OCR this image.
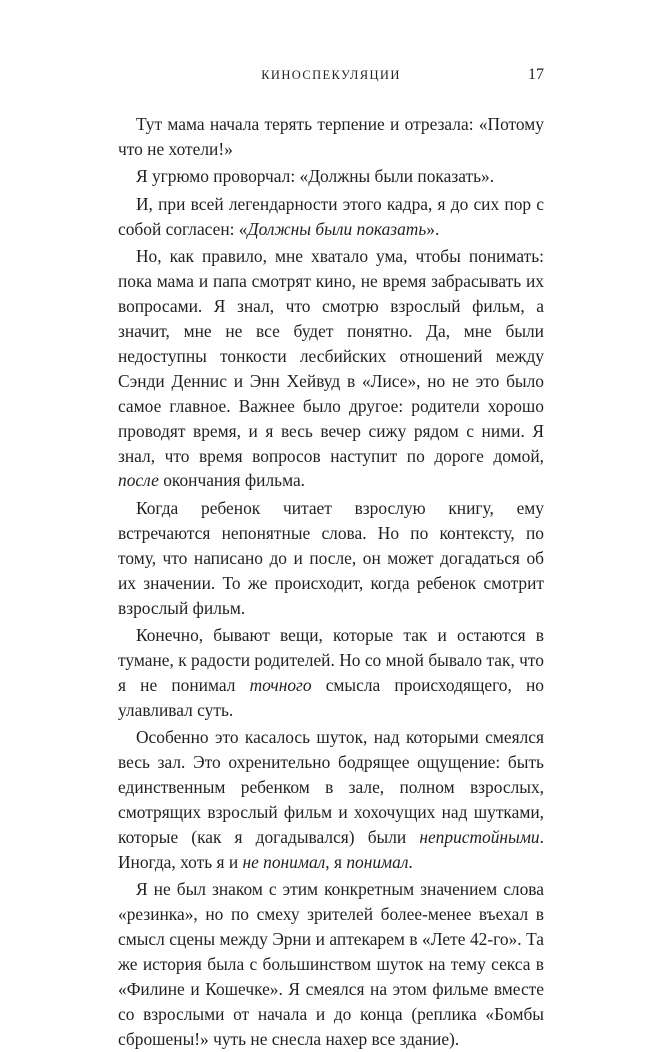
КИНОСПЕКУЛЯЦИИ	17

Тут мама начала терять терпение и отрезала: «Потому что не хотели!»

Я угрюмо проворчал: «Должны были показать».

И, при всей легендарности этого кадра, я до сих пор с собой согласен: «Должны были показать».

Но, как правило, мне хватало ума, чтобы понимать: пока мама и папа смотрят кино, не время забрасывать их вопросами. Я знал, что смотрю взрослый фильм, а значит, мне не все будет понятно. Да, мне были недоступны тонкости лесбийских отношений между Сэнди Деннис и Энн Хейвуд в «Лисе», но не это было самое главное. Важнее было другое: родители хорошо проводят время, и я весь вечер сижу рядом с ними. Я знал, что время вопросов наступит по дороге домой, после окончания фильма.

Когда ребенок читает взрослую книгу, ему встречаются непонятные слова. Но по контексту, по тому, что написано до и после, он может догадаться об их значении. То же происходит, когда ребенок смотрит взрослый фильм.

Конечно, бывают вещи, которые так и остаются в тумане, к радости родителей. Но со мной бывало так, что я не понимал точного смысла происходящего, но улавливал суть.

Особенно это касалось шуток, над которыми смеялся весь зал. Это охренительно бодрящее ощущение: быть единственным ребенком в зале, полном взрослых, смотрящих взрослый фильм и хохочущих над шутками, которые (как я догадывался) были непристойными. Иногда, хоть я и не понимал, я понимал.

Я не был знаком с этим конкретным значением слова «резинка», но по смеху зрителей более-менее въехал в смысл сцены между Эрни и аптекарем в «Лете 42-го». Та же история была с большинством шуток на тему секса в «Филине и Кошечке». Я смеялся на этом фильме вместе со взрослыми от начала и до конца (реплика «Бомбы сброшены!» чуть не снесла нахер все здание).
